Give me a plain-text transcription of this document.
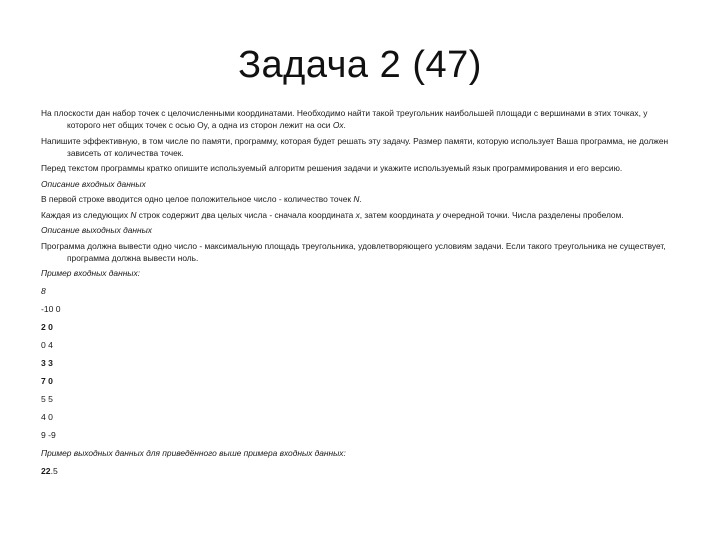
Задача 2 (47)

На плоскости дан набор точек с целочисленными координатами. Необходимо найти такой треугольник наибольшей площади с вершинами в этих точках, у которого нет общих точек с осью Oy, а одна из сторон лежит на оси Ox.

Напишите эффективную, в том числе по памяти, программу, которая будет решать эту задачу. Размер памяти, которую использует Ваша программа, не должен зависеть от количества точек.

Перед текстом программы кратко опишите используемый алгоритм решения задачи и укажите используемый язык программирования и его версию.

Описание входных данных

В первой строке вводится одно целое положительное число - количество точек N.

Каждая из следующих N строк содержит два целых числа - сначала координата x, затем координата y очередной точки. Числа разделены пробелом.

Описание выходных данных

Программа должна вывести одно число - максимальную площадь треугольника, удовлетворяющего условиям задачи. Если такого треугольника не существует, программа должна вывести ноль.

Пример входных данных:

8

-10 0

2 0

0 4

3 3

7 0

5 5

4 0

9 -9

Пример выходных данных для приведённого выше примера входных данных:

22.5
